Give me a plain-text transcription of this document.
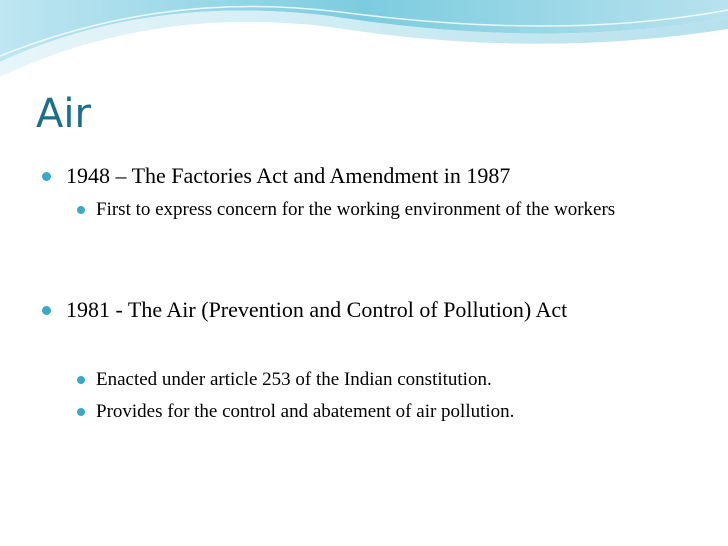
Air
1948 – The Factories Act and Amendment in 1987
First to express concern for the working environment of the workers
1981 - The Air (Prevention and Control of Pollution) Act
Enacted under article 253 of the Indian constitution.
Provides for the control and abatement of air pollution.
